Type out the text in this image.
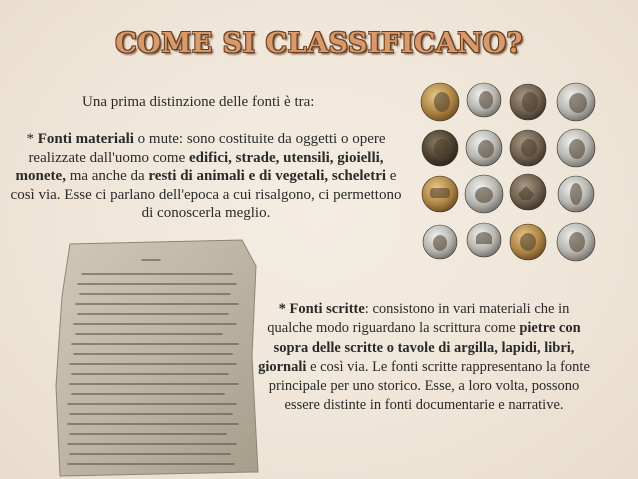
COME SI CLASSIFICANO?
Una prima distinzione delle fonti è tra:
* Fonti materiali o mute: sono costituite da oggetti o opere realizzate dall'uomo come edifici, strade, utensili, gioielli, monete, ma anche da resti di animali e di vegetali, scheletri e così via. Esse ci parlano dell'epoca a cui risalgono, ci permettono di conoscerla meglio.
* Fonti scritte: consistono in vari materiali che in qualche modo riguardano la scrittura come pietre con sopra delle scritte o tavole di argilla, lapidi, libri, giornali e così via. Le fonti scritte rappresentano la fonte principale per uno storico. Esse, a loro volta, possono essere distinte in fonti documentarie e narrative.
